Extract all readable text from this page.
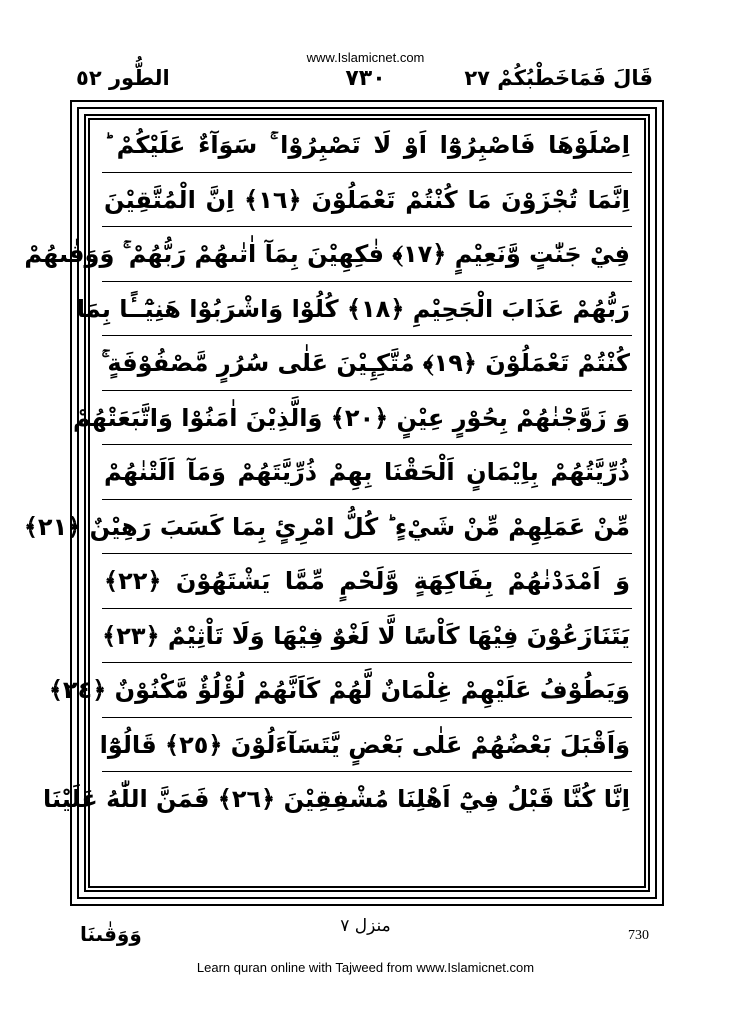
www.Islamicnet.com
قَالَ فَمَاخَطْبُكُمْ ٢٧
٧٣٠
الطُّور ٥٢
اِصْلَوْهَا فَاصْبِرُوْٓا اَوْ لَا تَصْبِرُوْا ۚ سَوَآءٌ عَلَيْكُمْ ؕ
اِنَّمَا تُجْزَوْنَ مَا كُنْتُمْ تَعْمَلُوْنَ ﴿١٦﴾ اِنَّ الْمُتَّقِيْنَ
فِيْ جَنّٰتٍ وَّنَعِيْمٍ ﴿١٧﴾ فٰكِهِيْنَ بِمَآ اٰتٰىهُمْ رَبُّهُمْ ۚ وَوَقٰىهُمْ
رَبُّهُمْ عَذَابَ الْجَحِيْمِ ﴿١٨﴾ كُلُوْا وَاشْرَبُوْا هَنِيْٓــًٔا بِمَا
كُنْتُمْ تَعْمَلُوْنَ ﴿١٩﴾ مُتَّكِـِٕيْنَ عَلٰى سُرُرٍ مَّصْفُوْفَةٍ ۚ
وَ زَوَّجْنٰهُمْ بِحُوْرٍ عِيْنٍ ﴿٢٠﴾ وَالَّذِيْنَ اٰمَنُوْا وَاتَّبَعَتْهُمْ
ذُرِّيَّتُهُمْ بِاِيْمَانٍ اَلْحَقْنَا بِهِمْ ذُرِّيَّتَهُمْ وَمَآ اَلَتْنٰهُمْ
مِّنْ عَمَلِهِمْ مِّنْ شَيْءٍ ؕ كُلُّ امْرِیٍٔ بِمَا كَسَبَ رَهِيْنٌ ﴿٢١﴾
وَ اَمْدَدْنٰهُمْ بِفَاكِهَةٍ وَّلَحْمٍ مِّمَّا يَشْتَهُوْنَ ﴿٢٢﴾
يَتَنَازَعُوْنَ فِيْهَا كَاْسًا لَّا لَغْوٌ فِيْهَا وَلَا تَاْثِيْمٌ ﴿٢٣﴾
وَيَطُوْفُ عَلَيْهِمْ غِلْمَانٌ لَّهُمْ كَاَنَّهُمْ لُؤْلُؤٌ مَّكْنُوْنٌ ﴿٢٤﴾
وَاَقْبَلَ بَعْضُهُمْ عَلٰى بَعْضٍ يَّتَسَآءَلُوْنَ ﴿٢٥﴾ قَالُوْٓا
اِنَّا كُنَّا قَبْلُ فِيْٓ اَهْلِنَا مُشْفِقِيْنَ ﴿٢٦﴾ فَمَنَّ اللّٰهُ عَلَيْنَا
وَوَقٰىنَا	منزل ٧	730
Learn quran online with Tajweed from www.Islamicnet.com
